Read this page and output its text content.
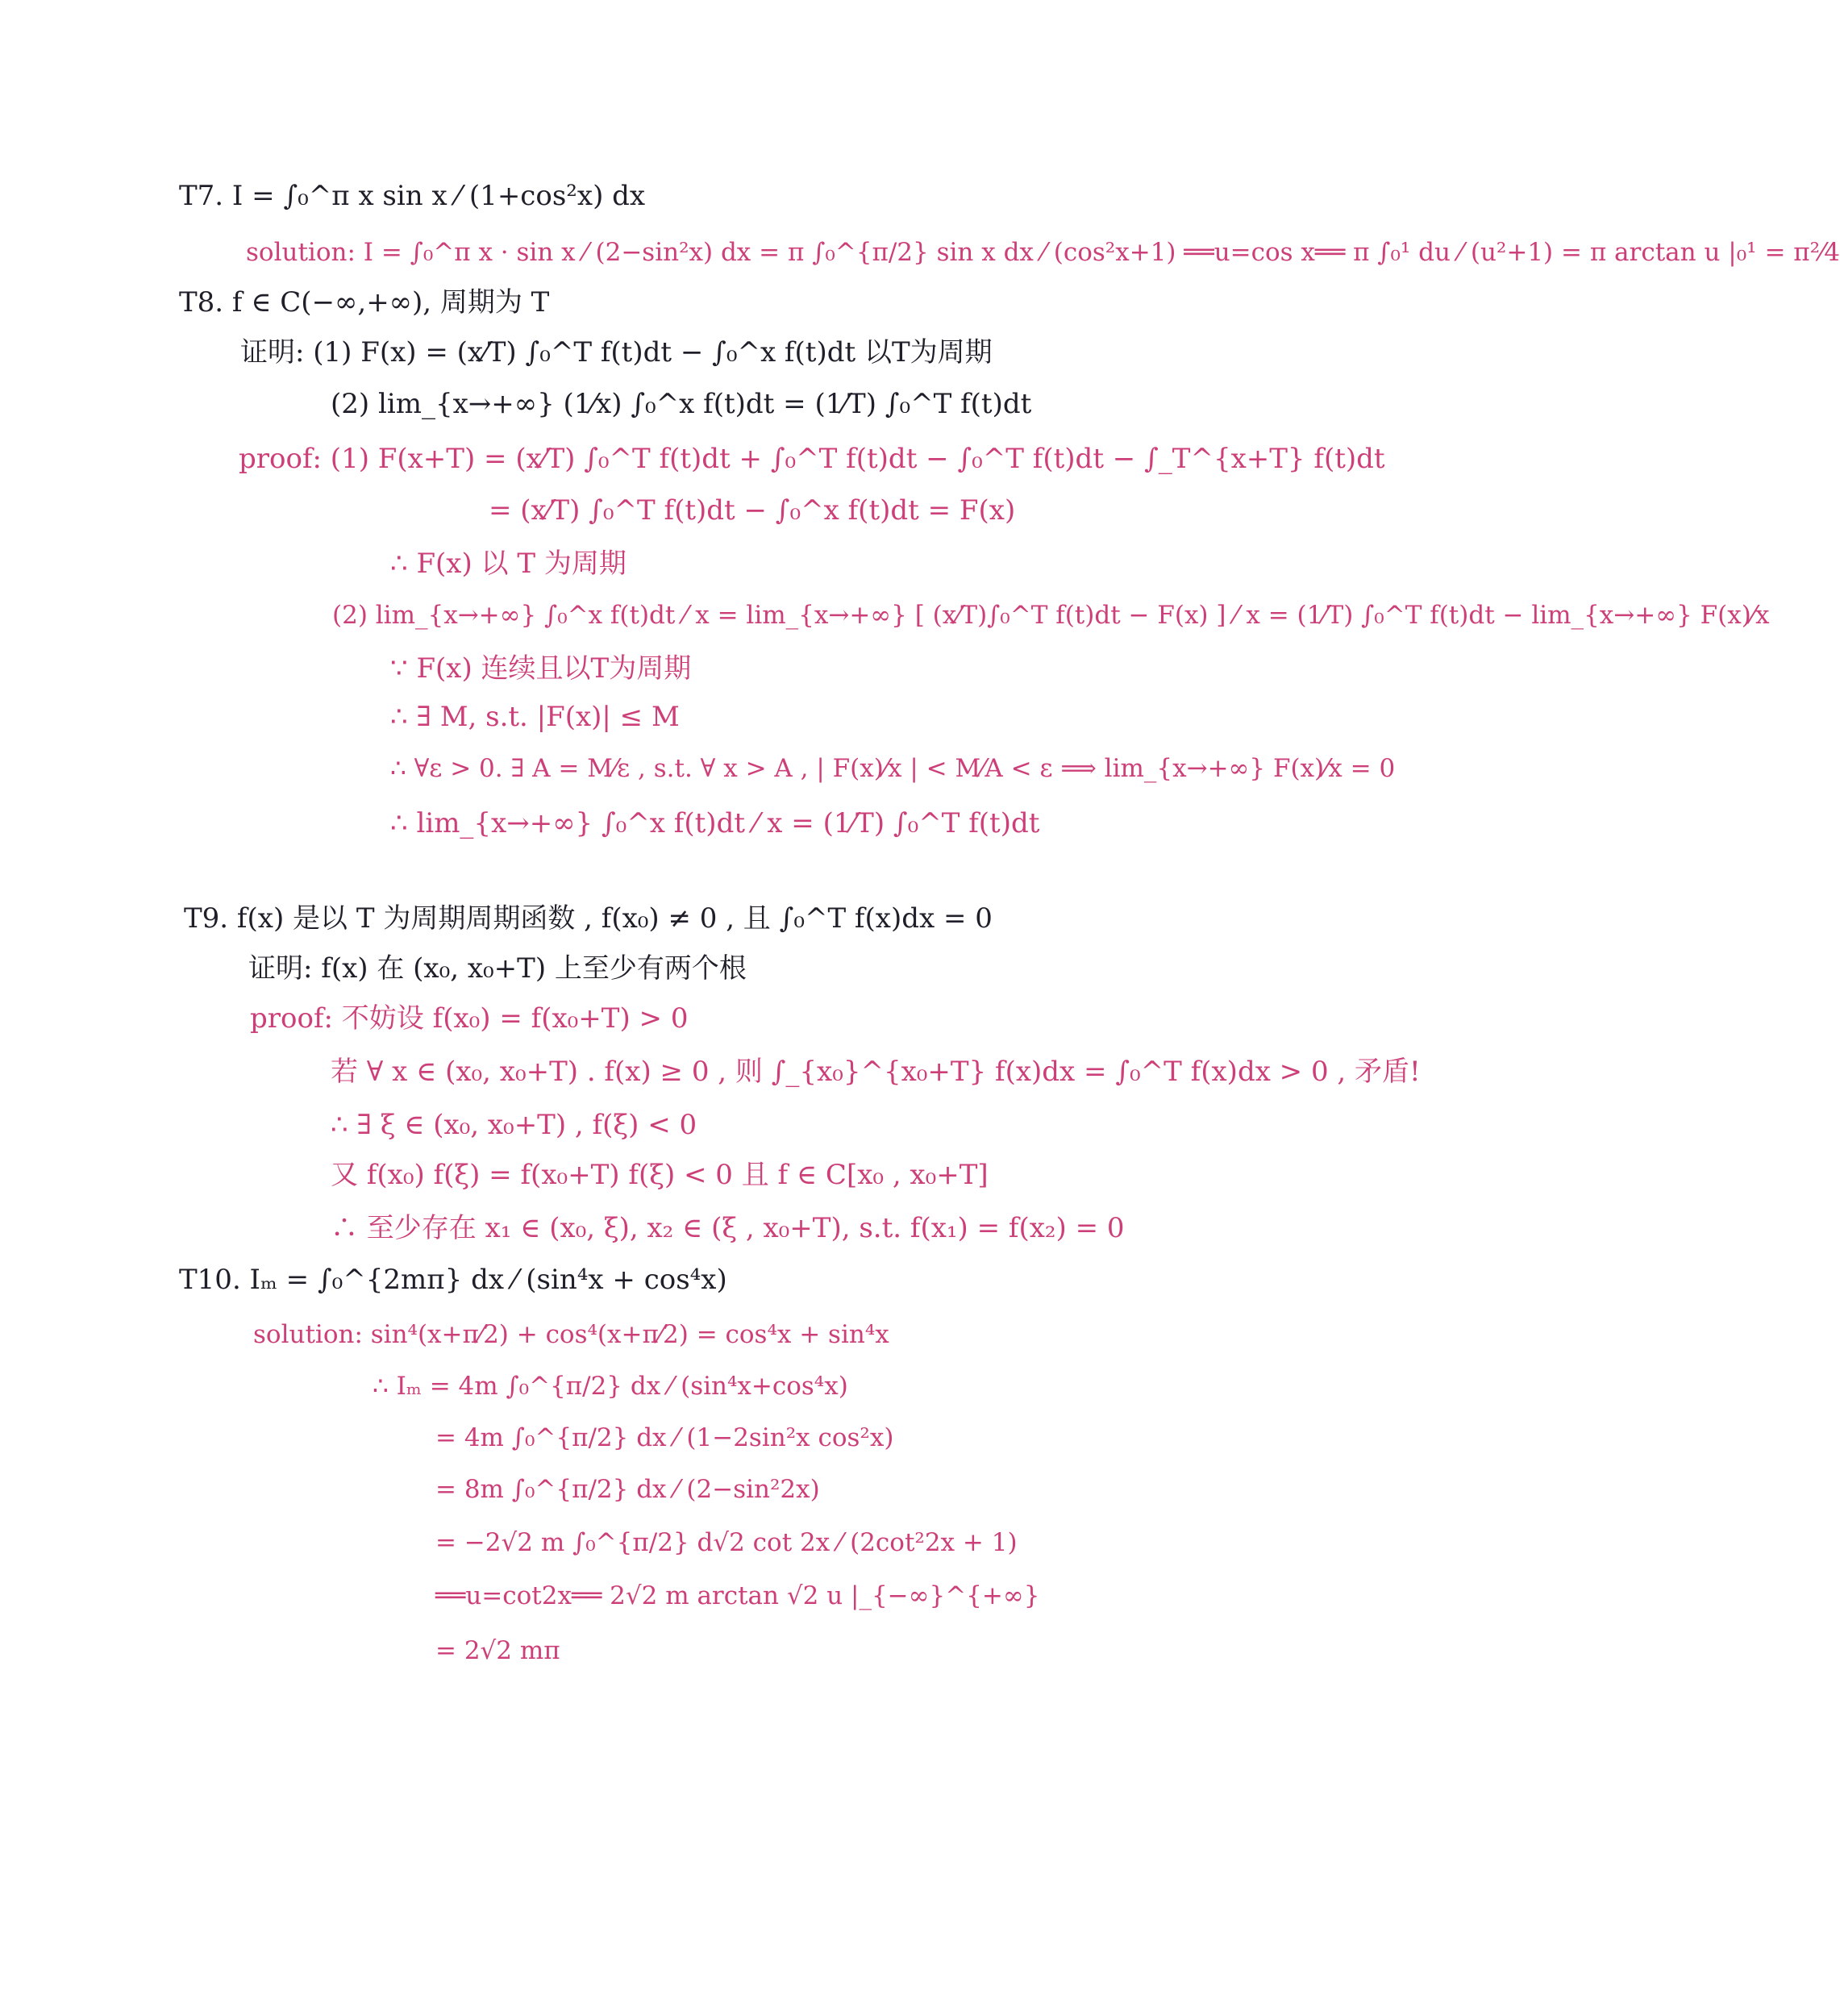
T7. I = ∫₀^π x sin x ⁄ (1+cos²x) dx
solution: I = ∫₀^π x · sin x ⁄ (2−sin²x) dx = π ∫₀^{π/2} sin x dx ⁄ (cos²x+1) ══u=cos x══ π ∫₀¹ du ⁄ (u²+1) = π arctan u |₀¹ = π²⁄4
T8. f ∈ C(−∞,+∞), 周期为 T
证明: (1) F(x) = (x⁄T) ∫₀^T f(t)dt − ∫₀^x f(t)dt 以T为周期
(2) lim_{x→+∞} (1⁄x) ∫₀^x f(t)dt = (1⁄T) ∫₀^T f(t)dt
proof: (1) F(x+T) = (x⁄T) ∫₀^T f(t)dt + ∫₀^T f(t)dt − ∫₀^T f(t)dt − ∫_T^{x+T} f(t)dt
= (x⁄T) ∫₀^T f(t)dt − ∫₀^x f(t)dt = F(x)
∴ F(x) 以 T 为周期
(2) lim_{x→+∞} ∫₀^x f(t)dt ⁄ x = lim_{x→+∞} [ (x⁄T)∫₀^T f(t)dt − F(x) ] ⁄ x = (1⁄T) ∫₀^T f(t)dt − lim_{x→+∞} F(x)⁄x
∵ F(x) 连续且以T为周期
∴ ∃ M, s.t. |F(x)| ≤ M
∴ ∀ε > 0. ∃ A = M⁄ε , s.t. ∀ x > A , | F(x)⁄x | < M⁄A < ε ⟹ lim_{x→+∞} F(x)⁄x = 0
∴ lim_{x→+∞} ∫₀^x f(t)dt ⁄ x = (1⁄T) ∫₀^T f(t)dt
T9. f(x) 是以 T 为周期周期函数 , f(x₀) ≠ 0 , 且 ∫₀^T f(x)dx = 0
证明: f(x) 在 (x₀, x₀+T) 上至少有两个根
proof: 不妨设 f(x₀) = f(x₀+T) > 0
若 ∀ x ∈ (x₀, x₀+T) . f(x) ≥ 0 , 则 ∫_{x₀}^{x₀+T} f(x)dx = ∫₀^T f(x)dx > 0 , 矛盾!
∴ ∃ ξ ∈ (x₀, x₀+T) , f(ξ) < 0
又 f(x₀) f(ξ) = f(x₀+T) f(ξ) < 0 且 f ∈ C[x₀ , x₀+T]
∴ 至少存在 x₁ ∈ (x₀, ξ), x₂ ∈ (ξ , x₀+T), s.t. f(x₁) = f(x₂) = 0
T10. Iₘ = ∫₀^{2mπ} dx ⁄ (sin⁴x + cos⁴x)
solution: sin⁴(x+π⁄2) + cos⁴(x+π⁄2) = cos⁴x + sin⁴x
∴ Iₘ = 4m ∫₀^{π/2} dx ⁄ (sin⁴x+cos⁴x)
= 4m ∫₀^{π/2} dx ⁄ (1−2sin²x cos²x)
= 8m ∫₀^{π/2} dx ⁄ (2−sin²2x)
= −2√2 m ∫₀^{π/2} d√2 cot 2x ⁄ (2cot²2x + 1)
══u=cot2x══ 2√2 m arctan √2 u |_{−∞}^{+∞}
= 2√2 mπ
